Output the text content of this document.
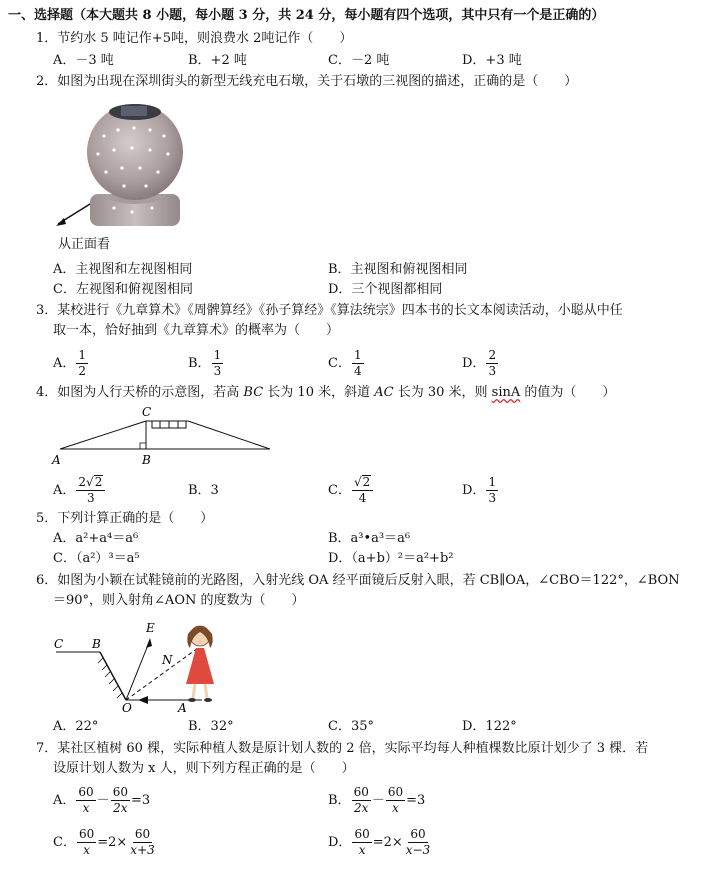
一、选择题（本大题共 8 小题，每小题 3 分，共 24 分，每小题有四个选项，其中只有一个是正确的）
1．节约水 5 吨记作+5吨，则浪费水 2吨记作（　　）
A．－3 吨	B．+2 吨	C．－2 吨	D．+3 吨
2．如图为出现在深圳街头的新型无线充电石墩，关于石墩的三视图的描述，正确的是（　　）
从正面看
A．主视图和左视图相同	B．主视图和俯视图相同
C．左视图和俯视图相同	D．三个视图都相同
3．某校进行《九章算术》《周髀算经》《孙子算经》《算法统宗》四本书的长文本阅读活动，小聪从中任
取一本，恰好抽到《九章算术》的概率为（　　）
A． $\frac{1}{2}$	B． $\frac{1}{3}$	C． $\frac{1}{4}$	D． $\frac{2}{3}$
4．如图为人行天桥的示意图，若高 BC 长为 10 米，斜道 AC 长为 30 米，则 sinA 的值为（　　）
C
A	B
A． $\frac{2√2}{3}$	B．3	C． $\frac{√2}{4}$	D． $\frac{1}{3}$
5．下列计算正确的是（　　）
A．a²+a⁴＝a⁶	B．a³•a³＝a⁶
C．（a²）³＝a⁵	D．（a+b）²＝a²+b²
6．如图为小颖在试鞋镜前的光路图，入射光线 OA 经平面镜后反射入眼，若 CB∥OA，∠CBO＝122°，∠BON
＝90°，则入射角∠AON 的度数为（　　）
C B
E
N
O	A
A．22°	B．32°	C．35°	D．122°
7．某社区植树 60 棵，实际种植人数是原计划人数的 2 倍，实际平均每人种植棵数比原计划少了 3 棵．若
设原计划人数为 x 人，则下列方程正确的是（　　）
A． $\frac{60}{x} - \frac{60}{2x} =3$	B． $\frac{60}{2x} - \frac{60}{x} =3$
C． $\frac{60}{x} =2\times \frac{60}{x+3}$	D． $\frac{60}{x} =2\times \frac{60}{x-3}$
